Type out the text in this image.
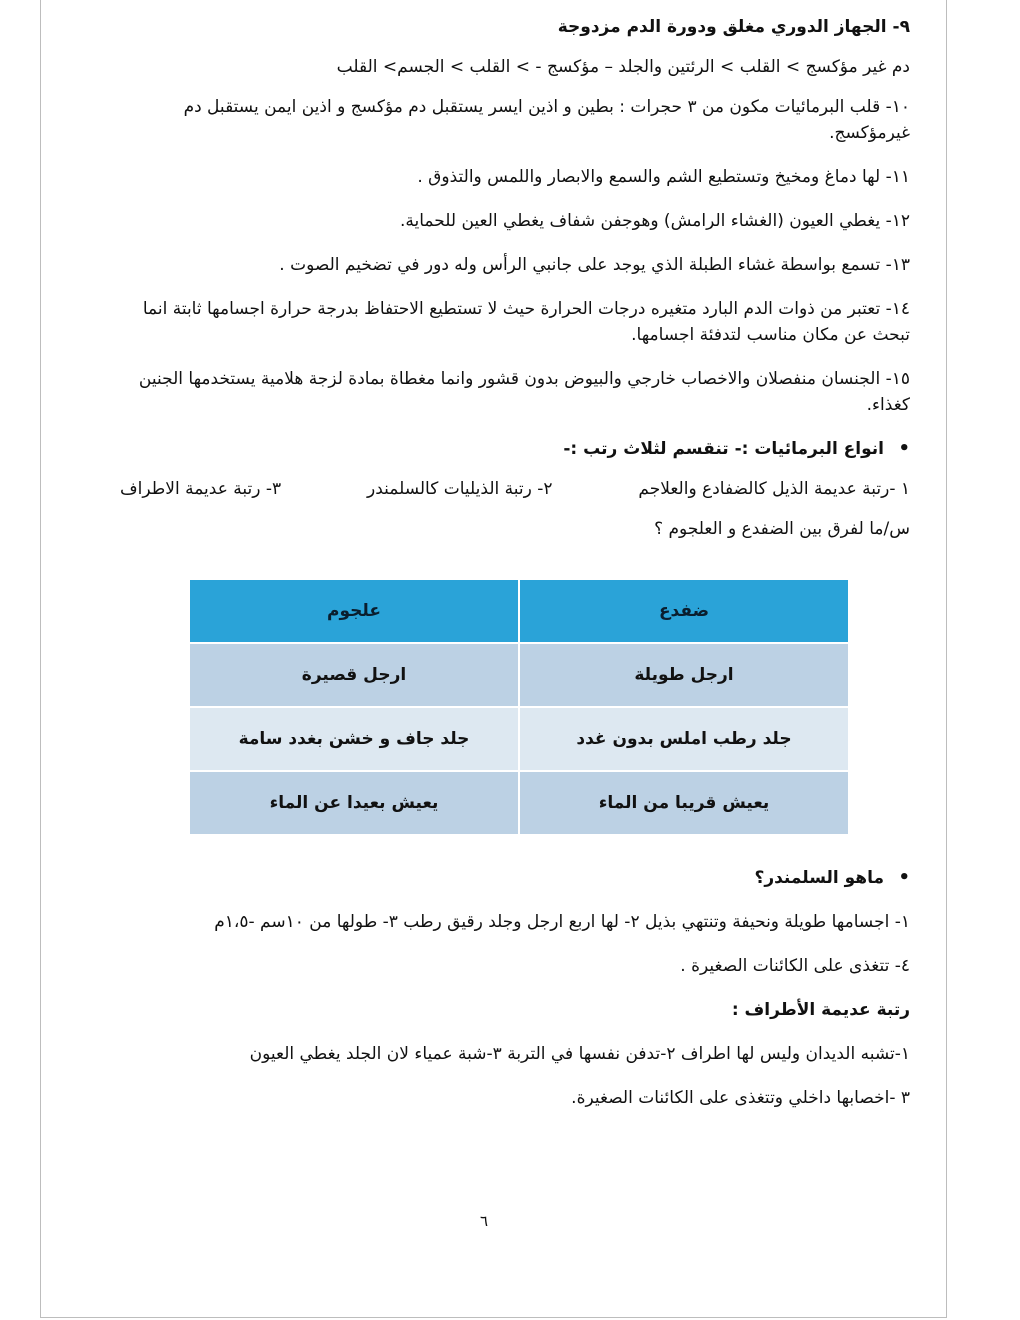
٩- الجهاز الدوري مغلق ودورة الدم مزدوجة

دم غير مؤكسج > القلب > الرئتين والجلد – مؤكسج - > القلب > الجسم> القلب

١٠- قلب البرمائيات مكون من ٣ حجرات : بطين و اذين ايسر يستقبل دم مؤكسج و اذين ايمن يستقبل دم غيرمؤكسج.

١١- لها دماغ ومخيخ وتستطيع الشم والسمع والابصار واللمس والتذوق .

١٢- يغطي العيون (الغشاء الرامش) وهوجفن شفاف يغطي العين للحماية.

١٣- تسمع بواسطة غشاء الطبلة الذي يوجد على جانبي الرأس وله دور في تضخيم الصوت .

١٤- تعتبر من ذوات الدم البارد متغيره درجات الحرارة حيث لا تستطيع الاحتفاظ بدرجة حرارة اجسامها ثابتة انما تبحث عن مكان مناسب لتدفئة اجسامها.

١٥- الجنسان منفصلان والاخصاب خارجي والبيوض بدون قشور وانما مغطاة بمادة لزجة هلامية يستخدمها الجنين كغذاء.

• انواع البرمائيات :- تنقسم لثلاث رتب :-

١ -رتبة عديمة الذيل كالضفادع والعلاجم
٢- رتبة الذيليات كالسلمندر
٣- رتبة عديمة الاطراف

س/ما لفرق بين الضفدع و العلجوم ؟

ضفدع	علجوم
ارجل طويلة	ارجل قصيرة
جلد رطب املس بدون غدد	جلد جاف و خشن بغدد سامة
يعيش قريبا من الماء	يعيش بعيدا عن الماء

• ماهو السلمندر؟

١- اجسامها طويلة ونحيفة وتنتهي بذيل ٢- لها اربع ارجل وجلد رقيق رطب ٣- طولها من ١٠سم -١،٥م

٤- تتغذى على الكائنات الصغيرة .

رتبة عديمة الأطراف :

١-تشبه الديدان وليس لها اطراف ٢-تدفن نفسها في التربة ٣-شبة عمياء لان الجلد يغطي العيون

٣ -اخصابها داخلي وتتغذى على الكائنات الصغيرة.

٦
